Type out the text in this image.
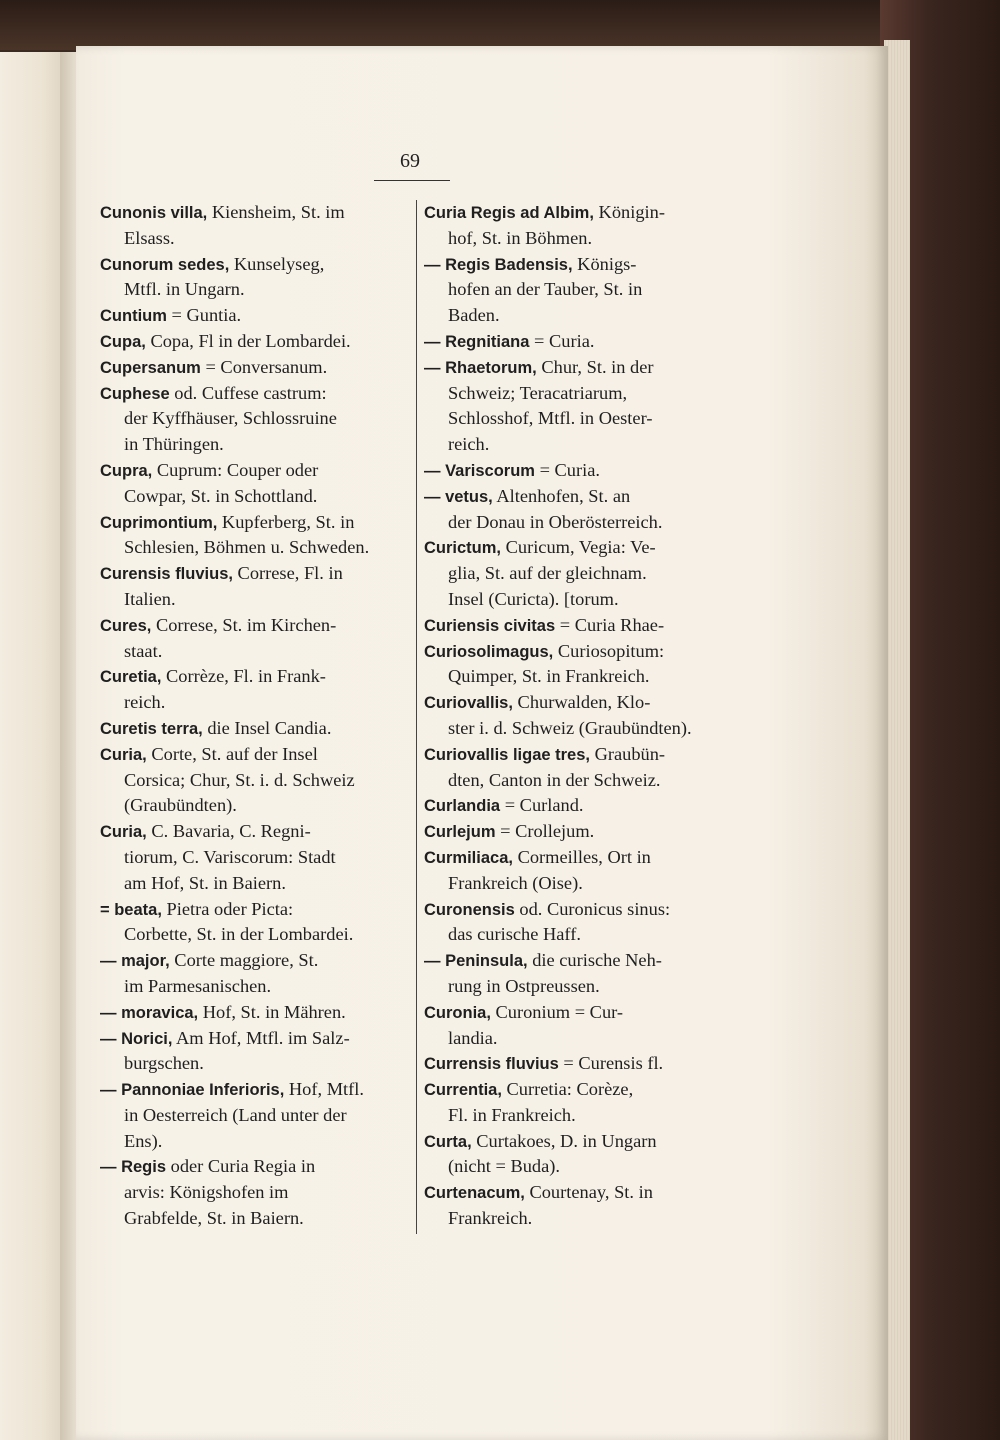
69
Cunonis villa, Kiensheim, St. im
Elsass.
Cunorum sedes, Kunselyseg,
Mtfl. in Ungarn.
Cuntium = Guntia.
Cupa, Copa, Fl in der Lombardei.
Cupersanum = Conversanum.
Cuphese od. Cuffese castrum:
der Kyffhäuser, Schlossruine
in Thüringen.
Cupra, Cuprum: Couper oder
Cowpar, St. in Schottland.
Cuprimontium, Kupferberg, St. in
Schlesien, Böhmen u. Schweden.
Curensis fluvius, Correse, Fl. in
Italien.
Cures, Correse, St. im Kirchen-
staat.
Curetia, Corrèze, Fl. in Frank-
reich.
Curetis terra, die Insel Candia.
Curia, Corte, St. auf der Insel
Corsica; Chur, St. i. d. Schweiz
(Graubündten).
Curia, C. Bavaria, C. Regni-
tiorum, C. Variscorum: Stadt
am Hof, St. in Baiern.
= beata, Pietra oder Picta:
Corbette, St. in der Lombardei.
— major, Corte maggiore, St.
im Parmesanischen.
— moravica, Hof, St. in Mähren.
— Norici, Am Hof, Mtfl. im Salz-
burgschen.
— Pannoniae Inferioris, Hof, Mtfl.
in Oesterreich (Land unter der
Ens).
— Regis oder Curia Regia in
arvis: Königshofen im
Grabfelde, St. in Baiern.
Curia Regis ad Albim, Königin-
hof, St. in Böhmen.
— Regis Badensis, Königs-
hofen an der Tauber, St. in
Baden.
— Regnitiana = Curia.
— Rhaetorum, Chur, St. in der
Schweiz; Teracatriarum,
Schlosshof, Mtfl. in Oester-
reich.
— Variscorum = Curia.
— vetus, Altenhofen, St. an
der Donau in Oberösterreich.
Curictum, Curicum, Vegia: Ve-
glia, St. auf der gleichnam.
Insel (Curicta). [torum.
Curiensis civitas = Curia Rhae-
Curiosolimagus, Curiosopitum:
Quimper, St. in Frankreich.
Curiovallis, Churwalden, Klo-
ster i. d. Schweiz (Graubündten).
Curiovallis ligae tres, Graubün-
dten, Canton in der Schweiz.
Curlandia = Curland.
Curlejum = Crollejum.
Curmiliaca, Cormeilles, Ort in
Frankreich (Oise).
Curonensis od. Curonicus sinus:
das curische Haff.
— Peninsula, die curische Neh-
rung in Ostpreussen.
Curonia, Curonium = Cur-
landia.
Currensis fluvius = Curensis fl.
Currentia, Curretia: Corèze,
Fl. in Frankreich.
Curta, Curtakoes, D. in Ungarn
(nicht = Buda).
Curtenacum, Courtenay, St. in
Frankreich.
